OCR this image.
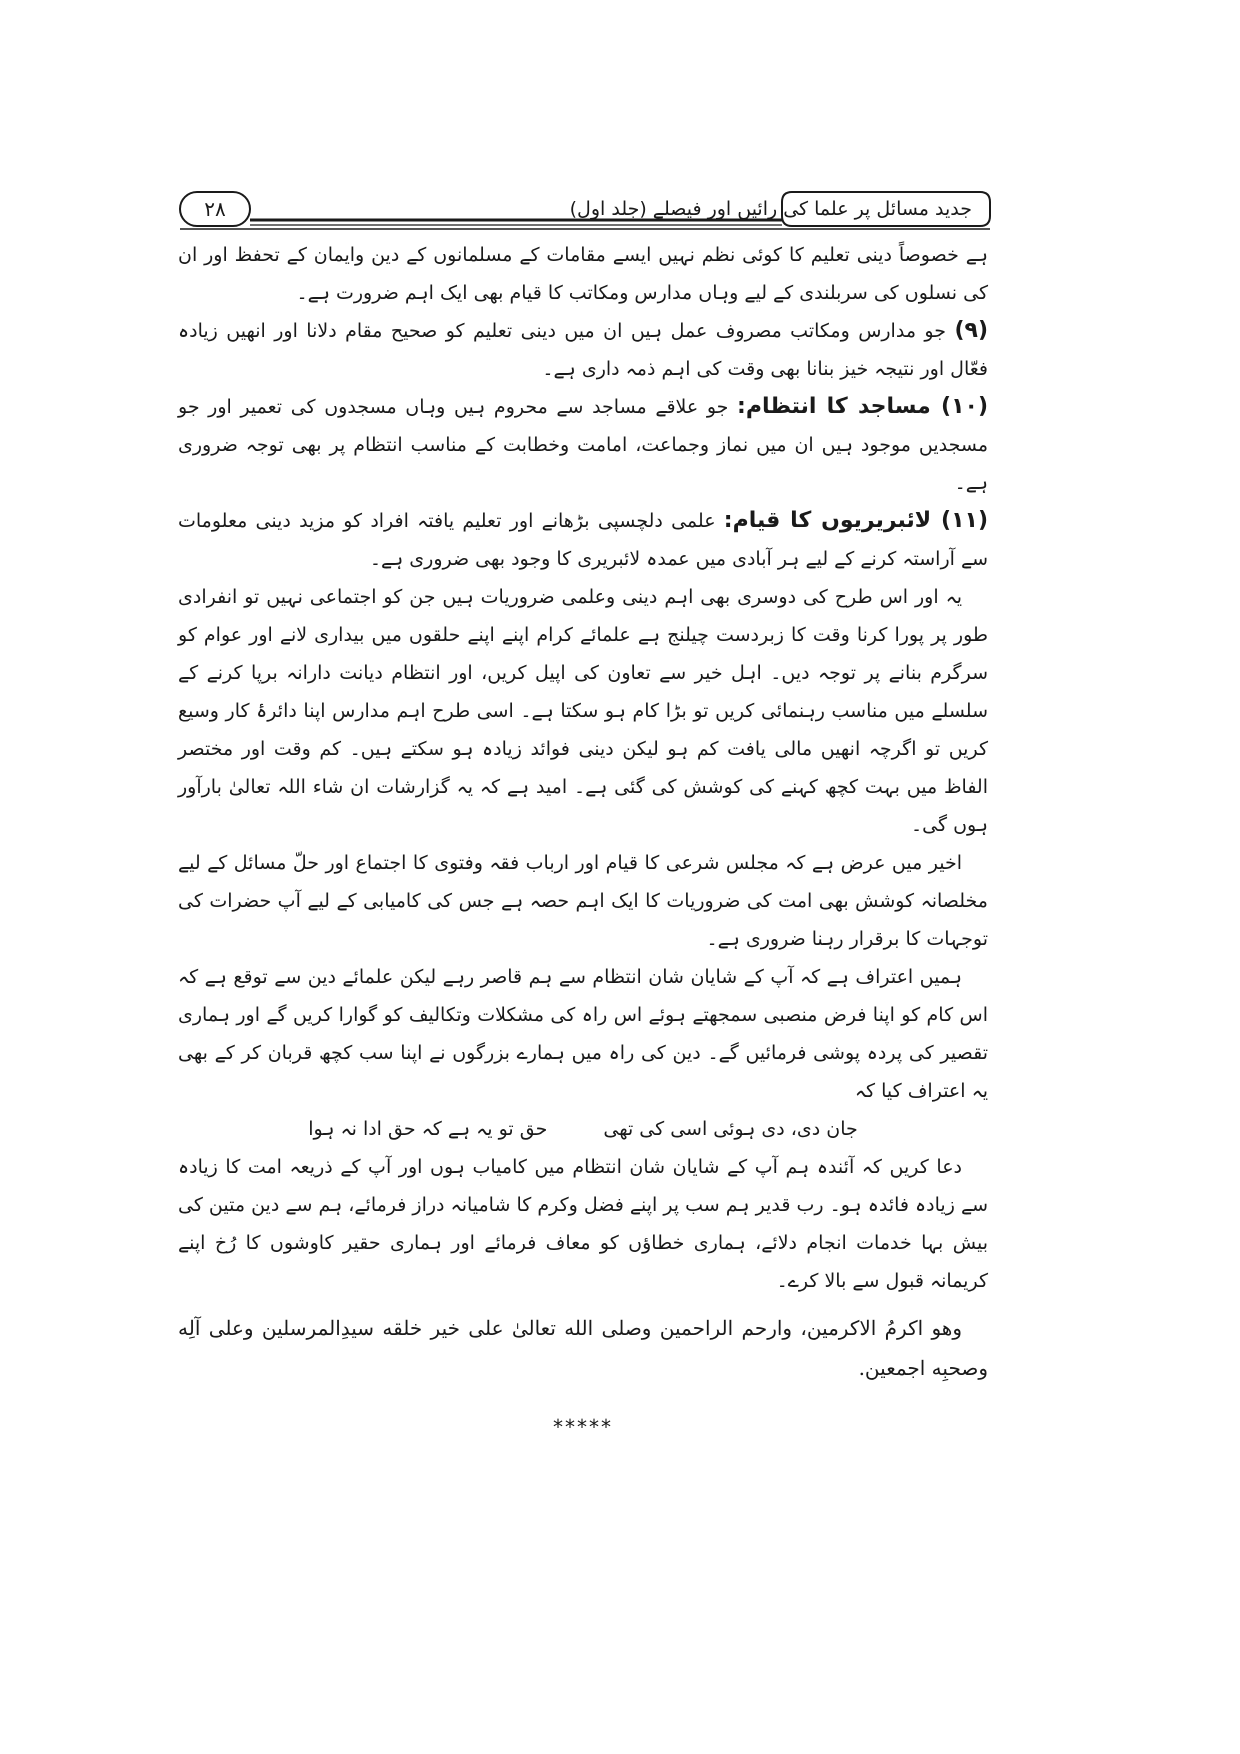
۲۸	جدید مسائل پر علما کی رائیں اور فیصلے (جلد اول)

ہے خصوصاً دینی تعلیم کا کوئی نظم نہیں ایسے مقامات کے مسلمانوں کے دین وایمان کے تحفظ اور ان کی نسلوں کی سربلندی کے لیے وہاں مدارس ومکاتب کا قیام بھی ایک اہم ضرورت ہے۔

(۹) جو مدارس ومکاتب مصروف عمل ہیں ان میں دینی تعلیم کو صحیح مقام دلانا اور انھیں زیادہ فعّال اور نتیجہ خیز بنانا بھی وقت کی اہم ذمہ داری ہے۔

(۱۰) مساجد کا انتظام: جو علاقے مساجد سے محروم ہیں وہاں مسجدوں کی تعمیر اور جو مسجدیں موجود ہیں ان میں نماز وجماعت، امامت وخطابت کے مناسب انتظام پر بھی توجہ ضروری ہے۔

(۱۱) لائبریریوں کا قیام: علمی دلچسپی بڑھانے اور تعلیم یافتہ افراد کو مزید دینی معلومات سے آراستہ کرنے کے لیے ہر آبادی میں عمدہ لائبریری کا وجود بھی ضروری ہے۔

یہ اور اس طرح کی دوسری بھی اہم دینی وعلمی ضروریات ہیں جن کو اجتماعی نہیں تو انفرادی طور پر پورا کرنا وقت کا زبردست چیلنج ہے علمائے کرام اپنے اپنے حلقوں میں بیداری لانے اور عوام کو سرگرم بنانے پر توجہ دیں۔ اہل خیر سے تعاون کی اپیل کریں، اور انتظام دیانت دارانہ برپا کرنے کے سلسلے میں مناسب رہنمائی کریں تو بڑا کام ہو سکتا ہے۔ اسی طرح اہم مدارس اپنا دائرۂ کار وسیع کریں تو اگرچہ انھیں مالی یافت کم ہو لیکن دینی فوائد زیادہ ہو سکتے ہیں۔ کم وقت اور مختصر الفاظ میں بہت کچھ کہنے کی کوشش کی گئی ہے۔ امید ہے کہ یہ گزارشات ان شاء اللہ تعالیٰ بارآور ہوں گی۔

اخیر میں عرض ہے کہ مجلس شرعی کا قیام اور ارباب فقہ وفتوی کا اجتماع اور حلّ مسائل کے لیے مخلصانہ کوشش بھی امت کی ضروریات کا ایک اہم حصہ ہے جس کی کامیابی کے لیے آپ حضرات کی توجہات کا برقرار رہنا ضروری ہے۔

ہمیں اعتراف ہے کہ آپ کے شایان شان انتظام سے ہم قاصر رہے لیکن علمائے دین سے توقع ہے کہ اس کام کو اپنا فرض منصبی سمجھتے ہوئے اس راہ کی مشکلات وتکالیف کو گوارا کریں گے اور ہماری تقصیر کی پردہ پوشی فرمائیں گے۔ دین کی راہ میں ہمارے بزرگوں نے اپنا سب کچھ قربان کر کے بھی یہ اعتراف کیا کہ

جان دی، دی ہوئی اسی کی تھیحق تو یہ ہے کہ حق ادا نہ ہوا

دعا کریں کہ آئندہ ہم آپ کے شایان شان انتظام میں کامیاب ہوں اور آپ کے ذریعہ امت کا زیادہ سے زیادہ فائدہ ہو۔ رب قدیر ہم سب پر اپنے فضل وکرم کا شامیانہ دراز فرمائے، ہم سے دین متین کی بیش بہا خدمات انجام دلائے، ہماری خطاؤں کو معاف فرمائے اور ہماری حقیر کاوشوں کا رُخ اپنے کریمانہ قبول سے بالا کرے۔

وهو اکرمُ الاکرمین، وارحم الراحمین وصلی الله تعالیٰ علی خیر خلقه سیدِالمرسلین وعلی آلِه وصحبِه اجمعین.

*****
